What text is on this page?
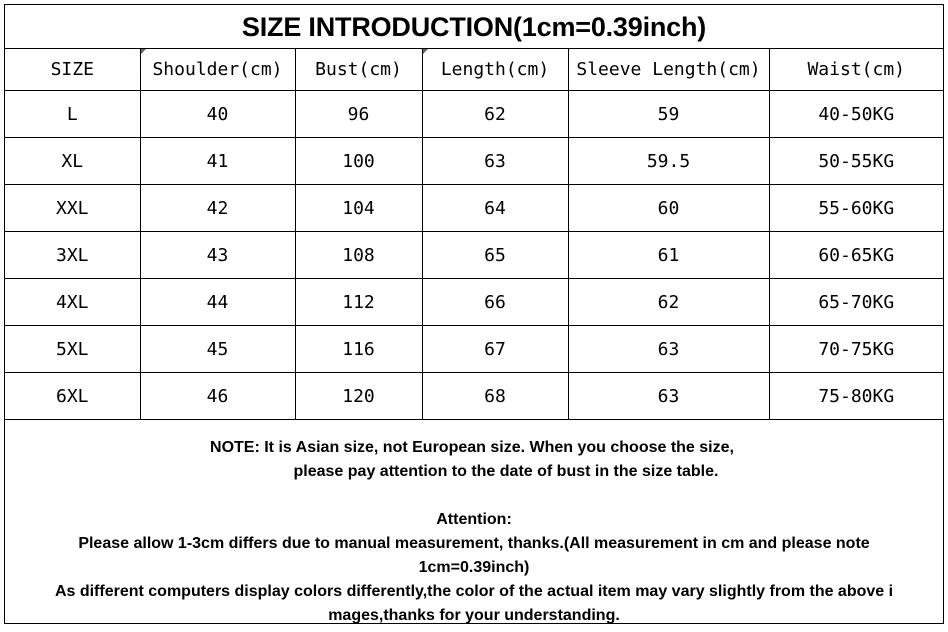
SIZE INTRODUCTION(1cm=0.39inch)
SIZE	Shoulder(cm)	Bust(cm)	Length(cm)	Sleeve Length(cm)	Waist(cm)
L	40	96	62	59	40-50KG
XL	41	100	63	59.5	50-55KG
XXL	42	104	64	60	55-60KG
3XL	43	108	65	61	60-65KG
4XL	44	112	66	62	65-70KG
5XL	45	116	67	63	70-75KG
6XL	46	120	68	63	75-80KG
NOTE: It is Asian size, not European size. When you choose the size,
please pay attention to the date of bust in the size table.
Attention:
Please allow 1-3cm differs due to manual measurement, thanks.(All measurement in cm and please note
1cm=0.39inch)
As different computers display colors differently,the color of the actual item may vary slightly from the above i
mages,thanks for your understanding.
